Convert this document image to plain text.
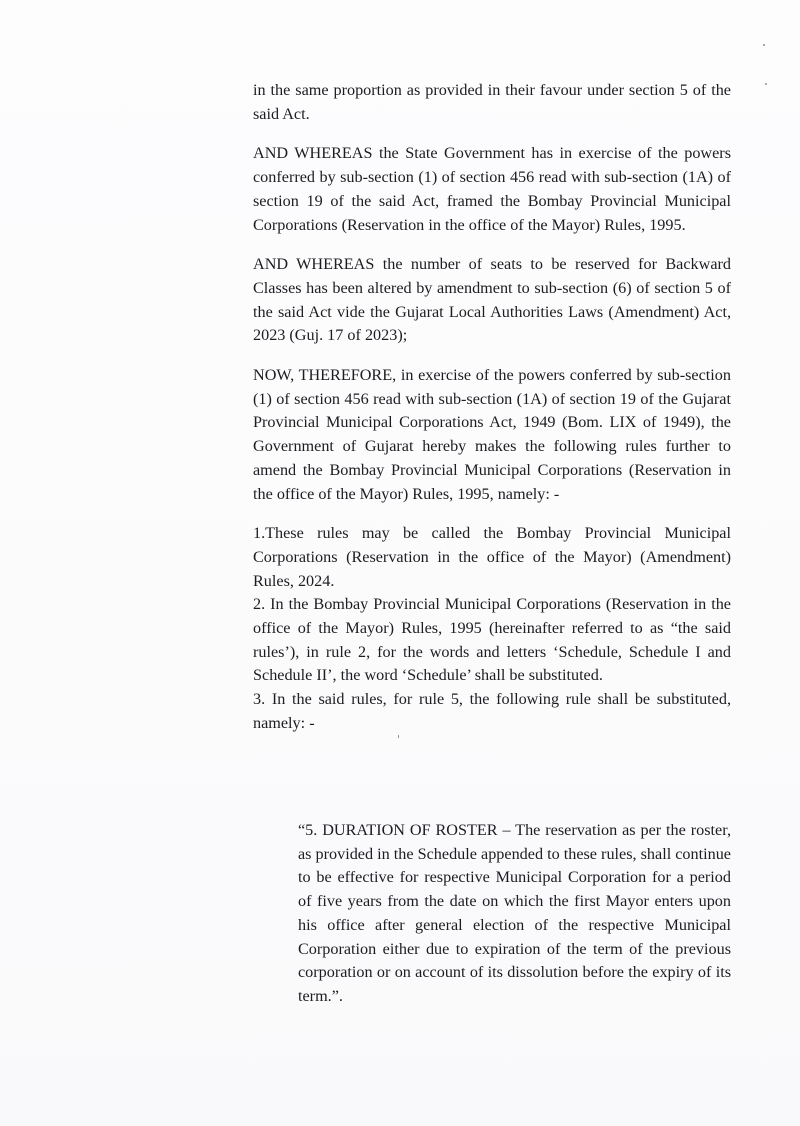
in the same proportion as provided in their favour under section 5 of the said Act.

AND WHEREAS the State Government has in exercise of the powers conferred by sub-section (1) of section 456 read with sub-section (1A) of section 19 of the said Act, framed the Bombay Provincial Municipal Corporations (Reservation in the office of the Mayor) Rules, 1995.

AND WHEREAS the number of seats to be reserved for Backward Classes has been altered by amendment to sub-section (6) of section 5 of the said Act vide the Gujarat Local Authorities Laws (Amendment) Act, 2023 (Guj. 17 of 2023);

NOW, THEREFORE, in exercise of the powers conferred by sub-section (1) of section 456 read with sub-section (1A) of section 19 of the Gujarat Provincial Municipal Corporations Act, 1949 (Bom. LIX of 1949), the Government of Gujarat hereby makes the following rules further to amend the Bombay Provincial Municipal Corporations (Reservation in the office of the Mayor) Rules, 1995, namely: -

1.These rules may be called the Bombay Provincial Municipal Corporations (Reservation in the office of the Mayor) (Amendment) Rules, 2024.

2. In the Bombay Provincial Municipal Corporations (Reservation in the office of the Mayor) Rules, 1995 (hereinafter referred to as “the said rules’), in rule 2, for the words and letters ‘Schedule, Schedule I and Schedule II’, the word ‘Schedule’ shall be substituted.

3. In the said rules, for rule 5, the following rule shall be substituted, namely: -

“5. DURATION OF ROSTER – The reservation as per the roster, as provided in the Schedule appended to these rules, shall continue to be effective for respective Municipal Corporation for a period of five years from the date on which the first Mayor enters upon his office after general election of the respective Municipal Corporation either due to expiration of the term of the previous corporation or on account of its dissolution before the expiry of its term.”.
